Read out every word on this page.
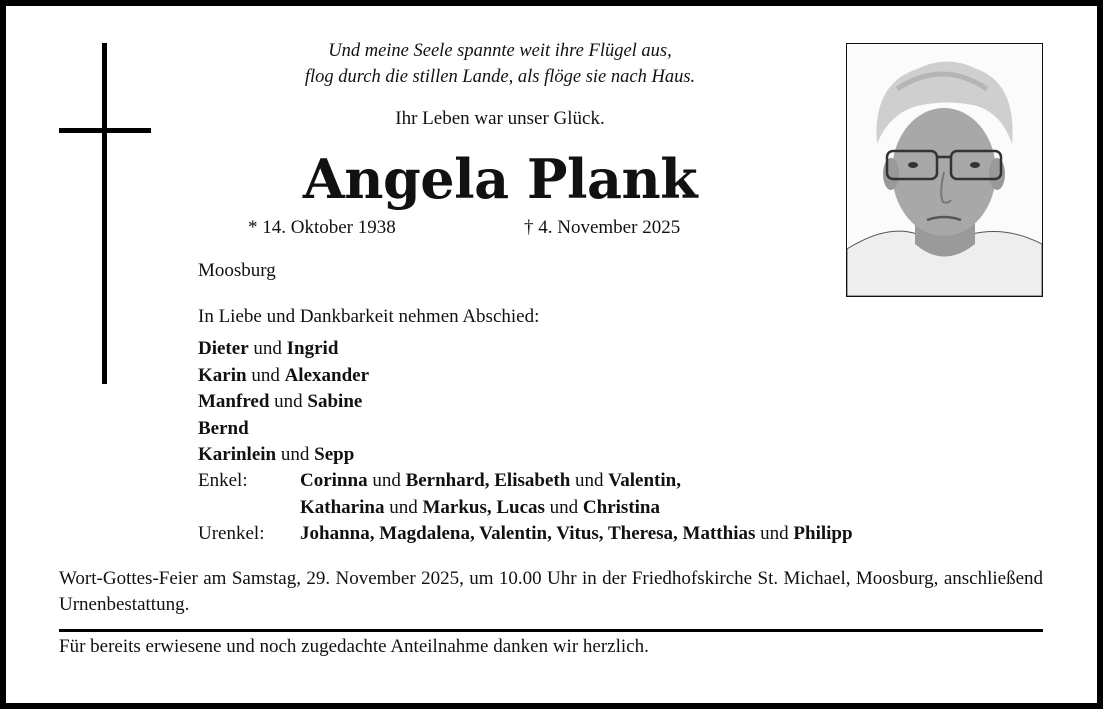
Und meine Seele spannte weit ihre Flügel aus,
flog durch die stillen Lande, als flöge sie nach Haus.
Ihr Leben war unser Glück.
Angela Plank
* 14. Oktober 1938	† 4. November 2025
Moosburg
In Liebe und Dankbarkeit nehmen Abschied:
Dieter und Ingrid
Karin und Alexander
Manfred und Sabine
Bernd
Karinlein und Sepp
Enkel:	Corinna und Bernhard, Elisabeth und Valentin,
Katharina und Markus, Lucas und Christina
Urenkel:	Johanna, Magdalena, Valentin, Vitus, Theresa, Matthias und Philipp
Wort-Gottes-Feier am Samstag, 29. November 2025, um 10.00 Uhr in der Friedhofskirche St. Michael, Moosburg, anschließend Urnenbestattung.
Für bereits erwiesene und noch zugedachte Anteilnahme danken wir herzlich.
